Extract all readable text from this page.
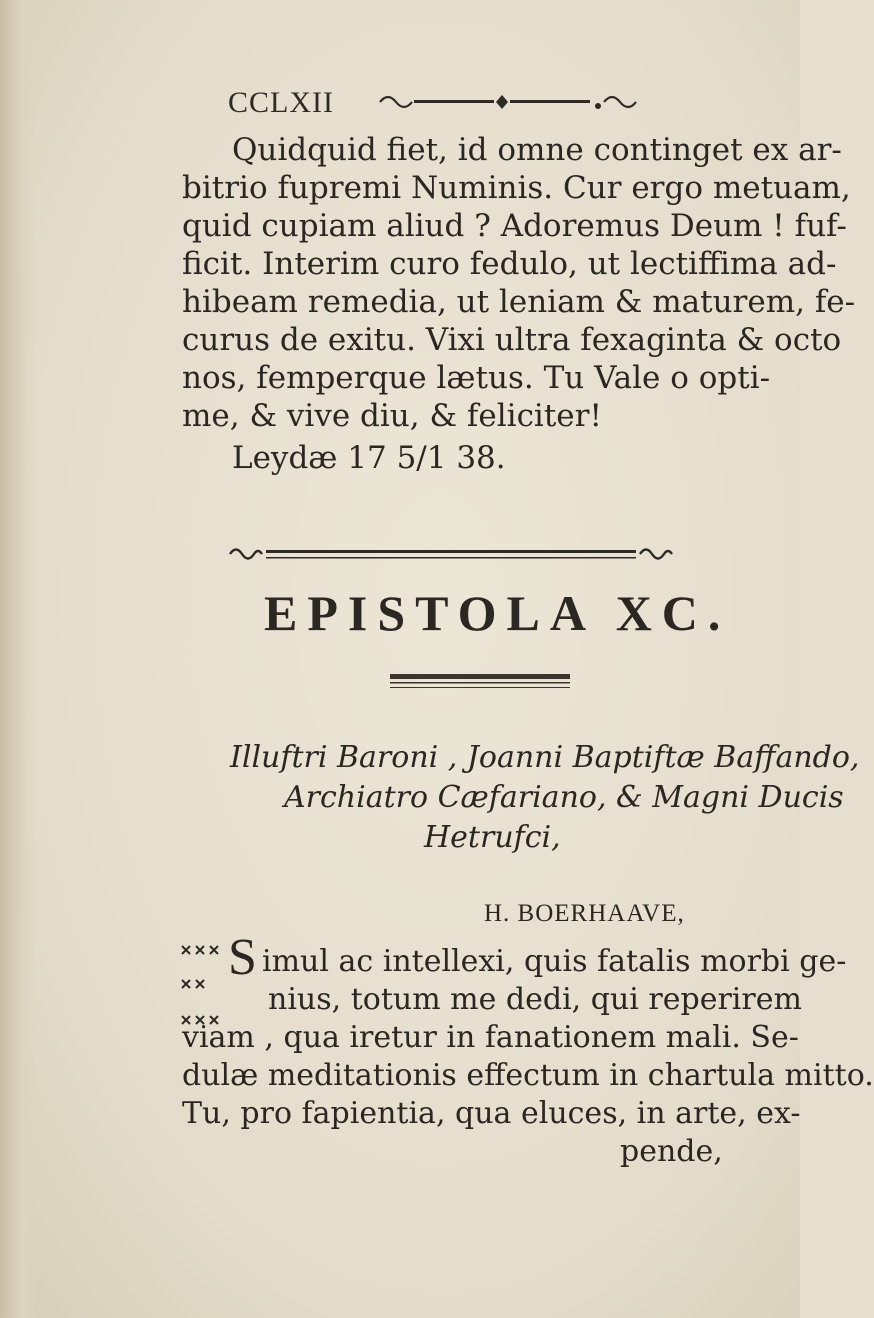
CCLXII
Quidquid fiet, id omne continget ex ar-
bitrio fupremi Numinis. Cur ergo metuam,
quid cupiam aliud ? Adoremus Deum ! fuf-
ficit. Interim curo fedulo, ut lectiffima ad-
hibeam remedia, ut leniam & maturem, fe-
curus de exitu. Vixi ultra fexaginta & octo
nos, femperque lætus. Tu Vale o opti-
me, & vive diu, & feliciter!
Leydæ 17 5/1 38.
EPISTOLA XC.
Illuftri Baroni , Joanni Baptiftæ Baffando,
Archiatro Cæfariano, & Magni Ducis
Hetrufci,
H. BOERHAAVE,
S imul ac intellexi, quis fatalis morbi ge-
nius, totum me dedi, qui reperirem
viam , qua iretur in fanationem mali. Se-
dulæ meditationis effectum in chartula mitto.
Tu, pro fapientia, qua eluces, in arte, ex-
pende,
